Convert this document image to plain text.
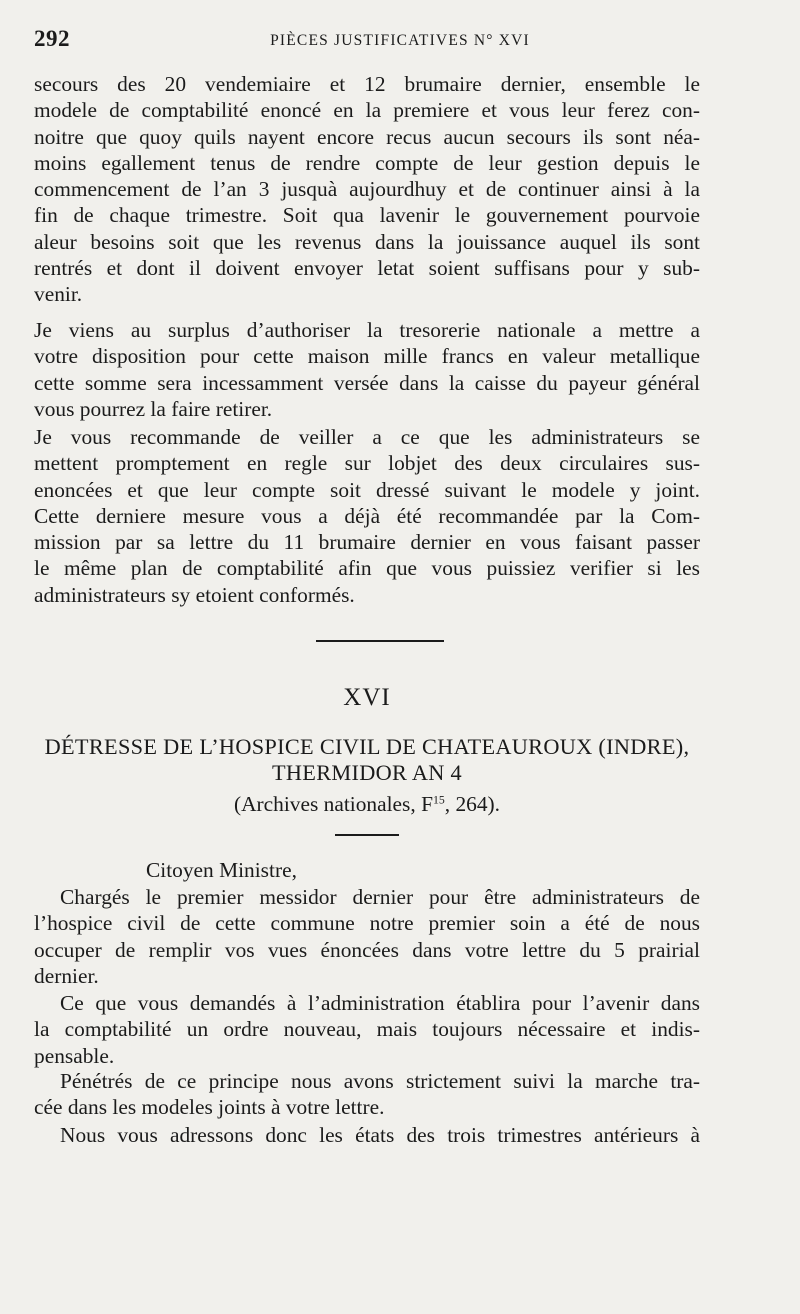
292	PIÈCES JUSTIFICATIVES N° XVI
secours des 20 vendemiaire et 12 brumaire dernier, ensemble le
modele de comptabilité enoncé en la premiere et vous leur ferez con-
noitre que quoy quils nayent encore recus aucun secours ils sont néa-
moins egallement tenus de rendre compte de leur gestion depuis le
commencement de l’an 3 jusquà aujourdhuy et de continuer ainsi à la
fin de chaque trimestre. Soit qua lavenir le gouvernement pourvoie
aleur besoins soit que les revenus dans la jouissance auquel ils sont
rentrés et dont il doivent envoyer letat soient suffisans pour y sub-
venir.
Je viens au surplus d’authoriser la tresorerie nationale a mettre a
votre disposition pour cette maison mille francs en valeur metallique
cette somme sera incessamment versée dans la caisse du payeur général
vous pourrez la faire retirer.
Je vous recommande de veiller a ce que les administrateurs se
mettent promptement en regle sur lobjet des deux circulaires sus-
enoncées et que leur compte soit dressé suivant le modele y joint.
Cette derniere mesure vous a déjà été recommandée par la Com-
mission par sa lettre du 11 brumaire dernier en vous faisant passer
le même plan de comptabilité afin que vous puissiez verifier si les
administrateurs sy etoient conformés.
XVI
DÉTRESSE DE L’HOSPICE CIVIL DE CHATEAUROUX (INDRE),
THERMIDOR AN 4
(Archives nationales, $F^{15}$, 264).
Citoyen Ministre,
Chargés le premier messidor dernier pour être administrateurs de
l’hospice civil de cette commune notre premier soin a été de nous
occuper de remplir vos vues énoncées dans votre lettre du 5 prairial
dernier.
Ce que vous demandés à l’administration établira pour l’avenir dans
la comptabilité un ordre nouveau, mais toujours nécessaire et indis-
pensable.
Pénétrés de ce principe nous avons strictement suivi la marche tra-
cée dans les modeles joints à votre lettre.
Nous vous adressons donc les états des trois trimestres antérieurs à
